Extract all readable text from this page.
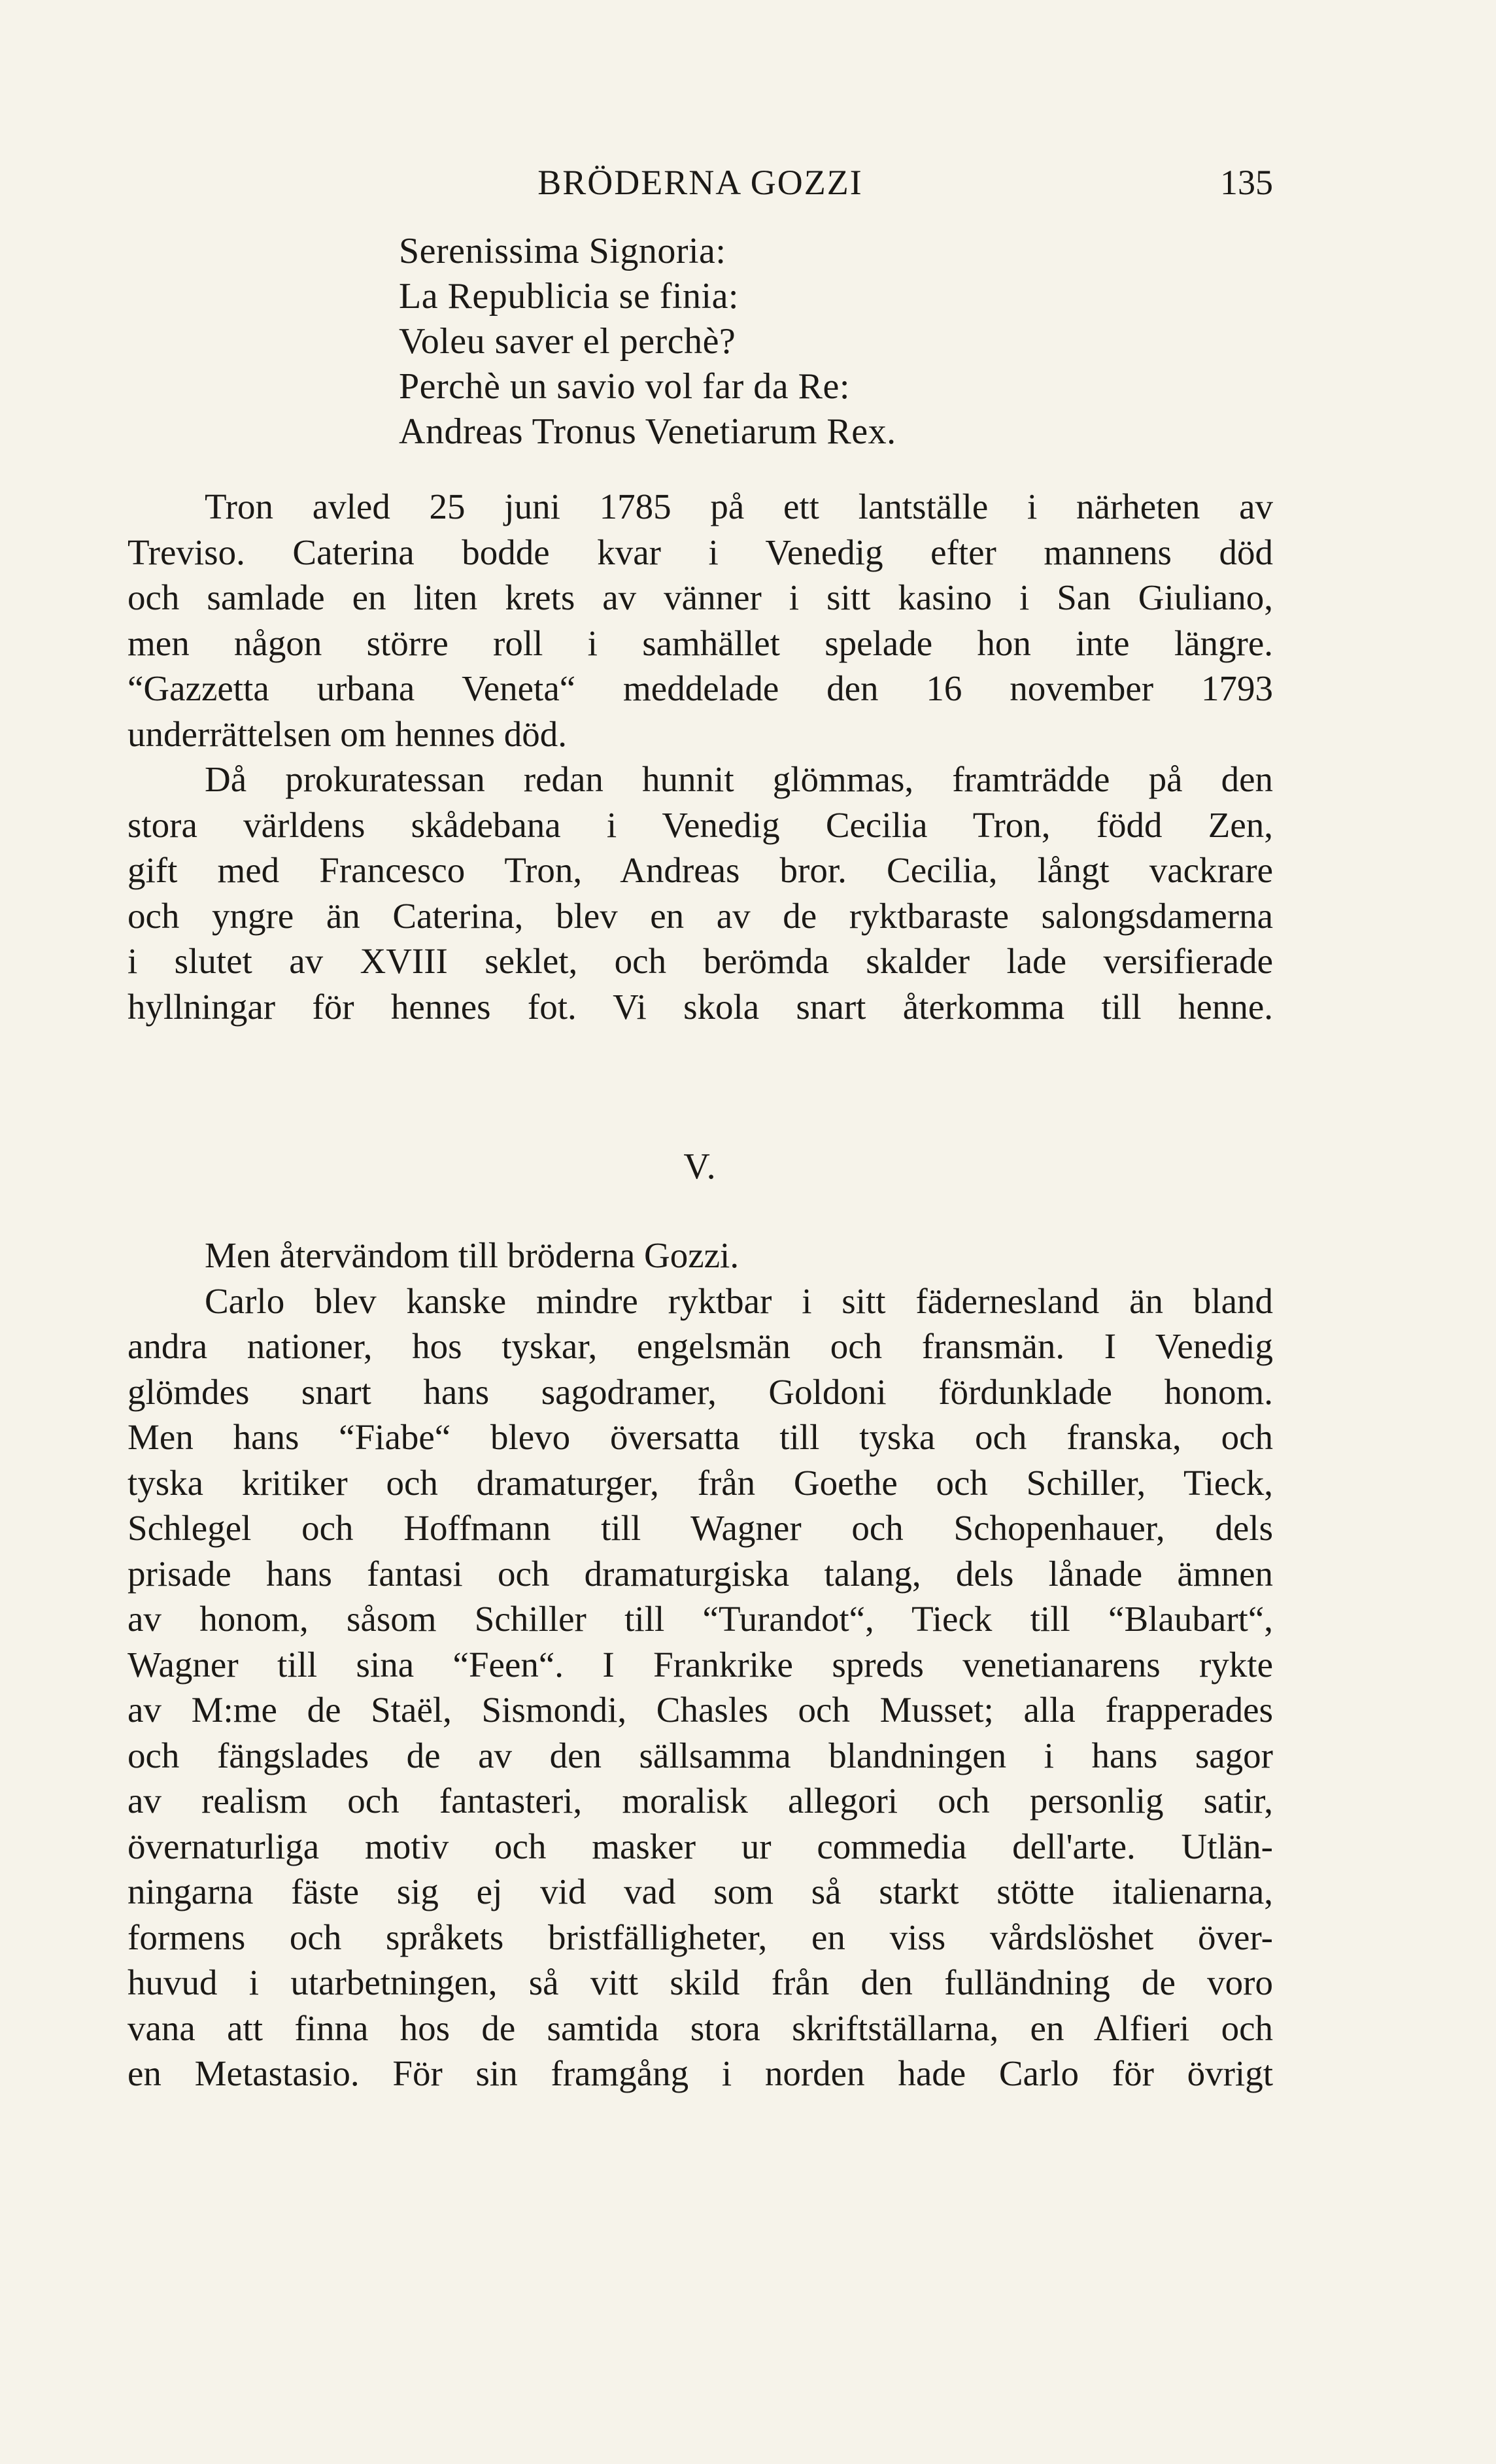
BRÖDERNA GOZZI	135
Serenissima Signoria:
La Republicia se finia:
Voleu saver el perchè?
Perchè un savio vol far da Re:
Andreas Tronus Venetiarum Rex.
Tron avled 25 juni 1785 på ett lantställe i närheten av
Treviso. Caterina bodde kvar i Venedig efter mannens död
och samlade en liten krets av vänner i sitt kasino i San Giuliano,
men någon större roll i samhället spelade hon inte längre.
“Gazzetta urbana Veneta“ meddelade den 16 november 1793
underrättelsen om hennes död.
Då prokuratessan redan hunnit glömmas, framträdde på den
stora världens skådebana i Venedig Cecilia Tron, född Zen,
gift med Francesco Tron, Andreas bror. Cecilia, långt vackrare
och yngre än Caterina, blev en av de ryktbaraste salongsdamerna
i slutet av XVIII seklet, och berömda skalder lade versifierade
hyllningar för hennes fot. Vi skola snart återkomma till henne.
V.
Men återvändom till bröderna Gozzi.
Carlo blev kanske mindre ryktbar i sitt fädernesland än bland
andra nationer, hos tyskar, engelsmän och fransmän. I Venedig
glömdes snart hans sagodramer, Goldoni fördunklade honom.
Men hans “Fiabe“ blevo översatta till tyska och franska, och
tyska kritiker och dramaturger, från Goethe och Schiller, Tieck,
Schlegel och Hoffmann till Wagner och Schopenhauer, dels
prisade hans fantasi och dramaturgiska talang, dels lånade ämnen
av honom, såsom Schiller till “Turandot“, Tieck till “Blaubart“,
Wagner till sina “Feen“. I Frankrike spreds venetianarens rykte
av M:me de Staël, Sismondi, Chasles och Musset; alla frapperades
och fängslades de av den sällsamma blandningen i hans sagor
av realism och fantasteri, moralisk allegori och personlig satir,
övernaturliga motiv och masker ur commedia dell'arte. Utlän-
ningarna fäste sig ej vid vad som så starkt stötte italienarna,
formens och språkets bristfälligheter, en viss vårdslöshet över-
huvud i utarbetningen, så vitt skild från den fulländning de voro
vana att finna hos de samtida stora skriftställarna, en Alfieri och
en Metastasio. För sin framgång i norden hade Carlo för övrigt
